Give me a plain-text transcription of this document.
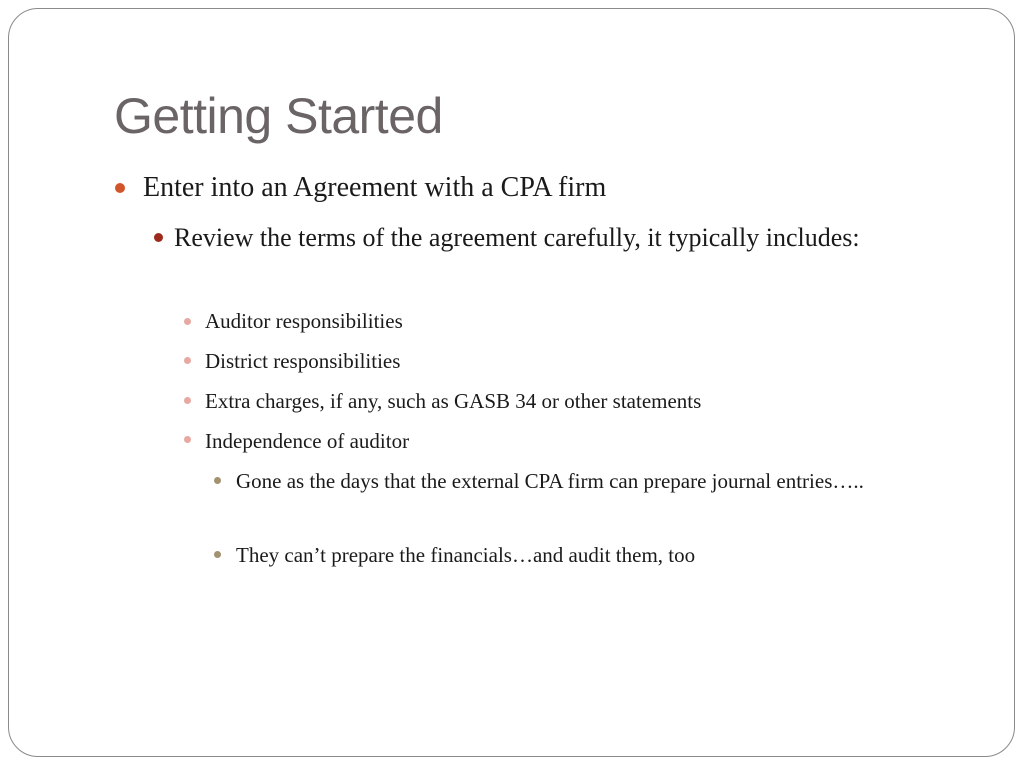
Getting Started
Enter into an Agreement with a CPA firm
Review the terms of the agreement carefully, it typically includes:
Auditor responsibilities
District responsibilities
Extra charges, if any, such as GASB 34 or other statements
Independence of auditor
Gone as the days that the external CPA firm can prepare journal entries…..
They can’t prepare the financials…and audit them, too
